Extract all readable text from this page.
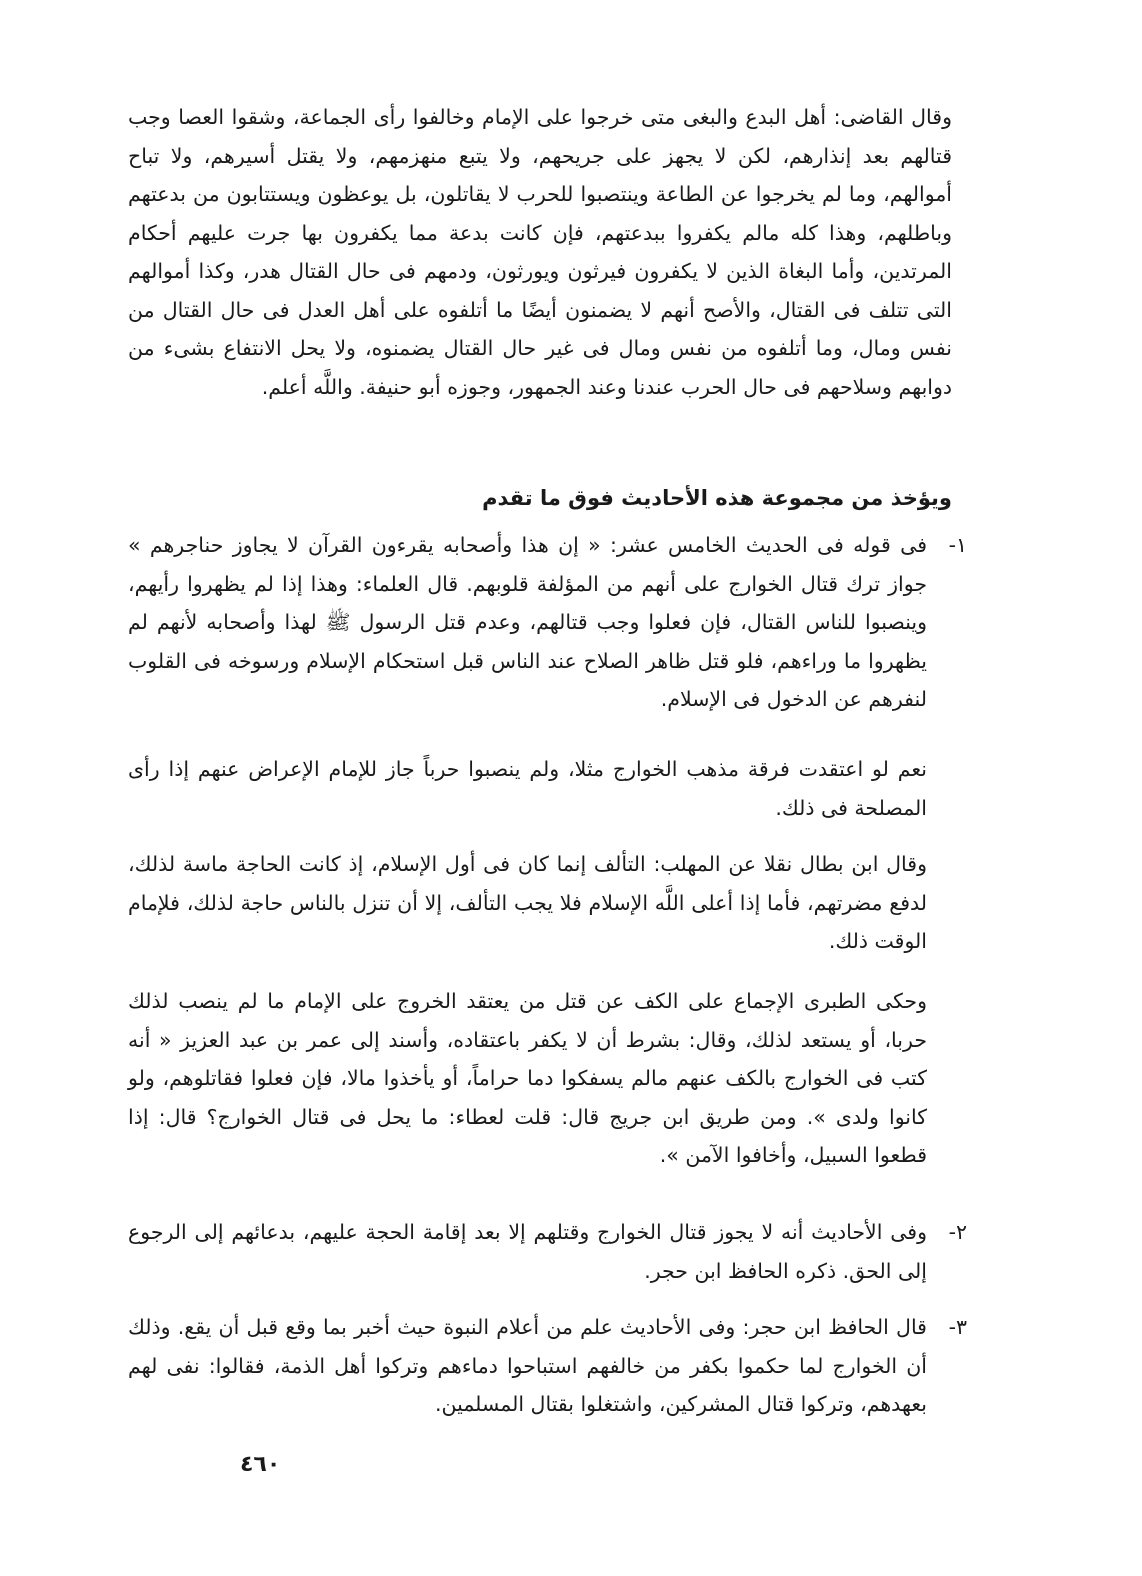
وقال القاضى: أهل البدع والبغى متى خرجوا على الإمام وخالفوا رأى الجماعة، وشقوا العصا وجب قتالهم بعد إنذارهم، لكن لا يجهز على جريحهم، ولا يتبع منهزمهم، ولا يقتل أسيرهم، ولا تباح أموالهم، وما لم يخرجوا عن الطاعة وينتصبوا للحرب لا يقاتلون، بل يوعظون ويستتابون من بدعتهم وباطلهم، وهذا كله مالم يكفروا ببدعتهم، فإن كانت بدعة مما يكفرون بها جرت عليهم أحكام المرتدين، وأما البغاة الذين لا يكفرون فيرثون ويورثون، ودمهم فى حال القتال هدر، وكذا أموالهم التى تتلف فى القتال، والأصح أنهم لا يضمنون أيضًا ما أتلفوه على أهل العدل فى حال القتال من نفس ومال، وما أتلفوه من نفس ومال فى غير حال القتال يضمنوه، ولا يحل الانتفاع بشىء من دوابهم وسلاحهم فى حال الحرب عندنا وعند الجمهور، وجوزه أبو حنيفة. واللَّه أعلم.

ويؤخذ من مجموعة هذه الأحاديث فوق ما تقدم

١-
فى قوله فى الحديث الخامس عشر: « إن هذا وأصحابه يقرءون القرآن لا يجاوز حناجرهم » جواز ترك قتال الخوارج على أنهم من المؤلفة قلوبهم. قال العلماء: وهذا إذا لم يظهروا رأيهم، وينصبوا للناس القتال، فإن فعلوا وجب قتالهم، وعدم قتل الرسول ﷺ لهذا وأصحابه لأنهم لم يظهروا ما وراءهم، فلو قتل ظاهر الصلاح عند الناس قبل استحكام الإسلام ورسوخه فى القلوب لنفرهم عن الدخول فى الإسلام.

نعم لو اعتقدت فرقة مذهب الخوارج مثلا، ولم ينصبوا حرباً جاز للإمام الإعراض عنهم إذا رأى المصلحة فى ذلك.

وقال ابن بطال نقلا عن المهلب: التألف إنما كان فى أول الإسلام، إذ كانت الحاجة ماسة لذلك، لدفع مضرتهم، فأما إذا أعلى اللَّه الإسلام فلا يجب التألف، إلا أن تنزل بالناس حاجة لذلك، فلإمام الوقت ذلك.

وحكى الطبرى الإجماع على الكف عن قتل من يعتقد الخروج على الإمام ما لم ينصب لذلك حربا، أو يستعد لذلك، وقال: بشرط أن لا يكفر باعتقاده، وأسند إلى عمر بن عبد العزيز « أنه كتب فى الخوارج بالكف عنهم مالم يسفكوا دما حراماً، أو يأخذوا مالا، فإن فعلوا فقاتلوهم، ولو كانوا ولدى ». ومن طريق ابن جريج قال: قلت لعطاء: ما يحل فى قتال الخوارج؟ قال: إذا قطعوا السبيل، وأخافوا الآمن ».

٢-
وفى الأحاديث أنه لا يجوز قتال الخوارج وقتلهم إلا بعد إقامة الحجة عليهم، بدعائهم إلى الرجوع إلى الحق. ذكره الحافظ ابن حجر.
٣-
قال الحافظ ابن حجر: وفى الأحاديث علم من أعلام النبوة حيث أخبر بما وقع قبل أن يقع. وذلك أن الخوارج لما حكموا بكفر من خالفهم استباحوا دماءهم وتركوا أهل الذمة، فقالوا: نفى لهم بعهدهم، وتركوا قتال المشركين، واشتغلوا بقتال المسلمين.
٤٦٠
